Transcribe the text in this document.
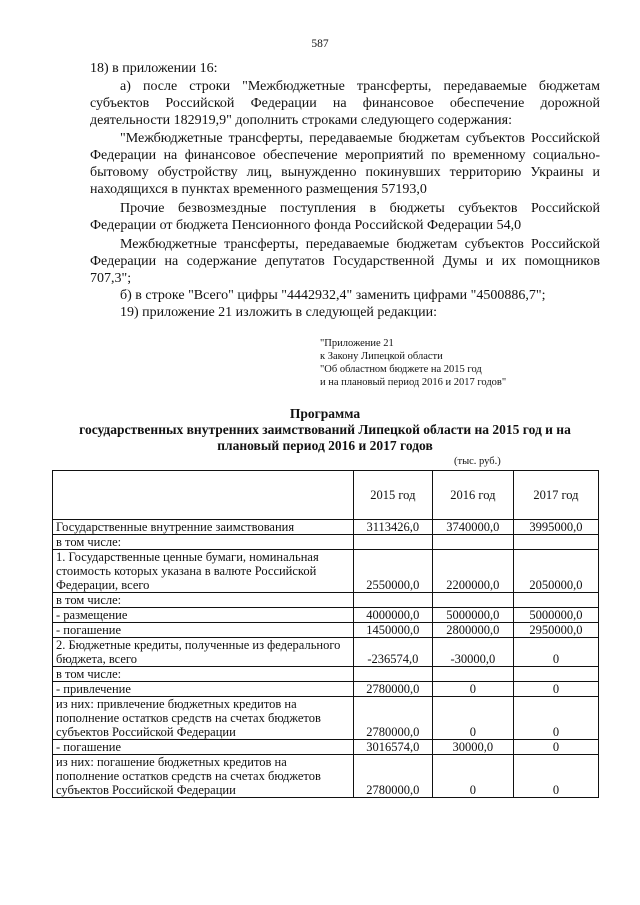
587

18) в приложении 16:

а) после строки "Межбюджетные трансферты, передаваемые бюджетам субъектов Российской Федерации на финансовое обеспечение дорожной деятельности 182919,9" дополнить строками следующего содержания:

"Межбюджетные трансферты, передаваемые бюджетам субъектов Российской Федерации на финансовое обеспечение мероприятий по временному социально-бытовому обустройству лиц, вынужденно покинувших территорию Украины и находящихся в пунктах временного размещения 57193,0

Прочие безвозмездные поступления в бюджеты субъектов Российской Федерации от бюджета Пенсионного фонда Российской Федерации 54,0

Межбюджетные трансферты, передаваемые бюджетам субъектов Российской Федерации на содержание депутатов Государственной Думы и их помощников 707,3";

б) в строке "Всего" цифры "4442932,4" заменить цифрами "4500886,7";

19) приложение 21 изложить в следующей редакции:

"Приложение 21
к Закону Липецкой области
"Об областном бюджете на 2015 год
и на плановый период 2016 и 2017 годов"
Программа
государственных внутренних заимствований Липецкой области на 2015 год и на
плановый период 2016 и 2017 годов
(тыс. руб.)
	2015 год	2016 год	2017 год
Государственные внутренние заимствования	3113426,0	3740000,0	3995000,0
в том числе:			
1. Государственные ценные бумаги, номинальная стоимость которых указана в валюте Российской Федерации, всего	2550000,0	2200000,0	2050000,0
в том числе:			
- размещение	4000000,0	5000000,0	5000000,0
- погашение	1450000,0	2800000,0	2950000,0
2. Бюджетные кредиты, полученные из федерального бюджета, всего	-236574,0	-30000,0	0
в том числе:			
- привлечение	2780000,0	0	0
из них: привлечение бюджетных кредитов на пополнение остатков средств на счетах бюджетов субъектов Российской Федерации	2780000,0	0	0
- погашение	3016574,0	30000,0	0
из них: погашение бюджетных кредитов на пополнение остатков средств на счетах бюджетов субъектов Российской Федерации	2780000,0	0	0
